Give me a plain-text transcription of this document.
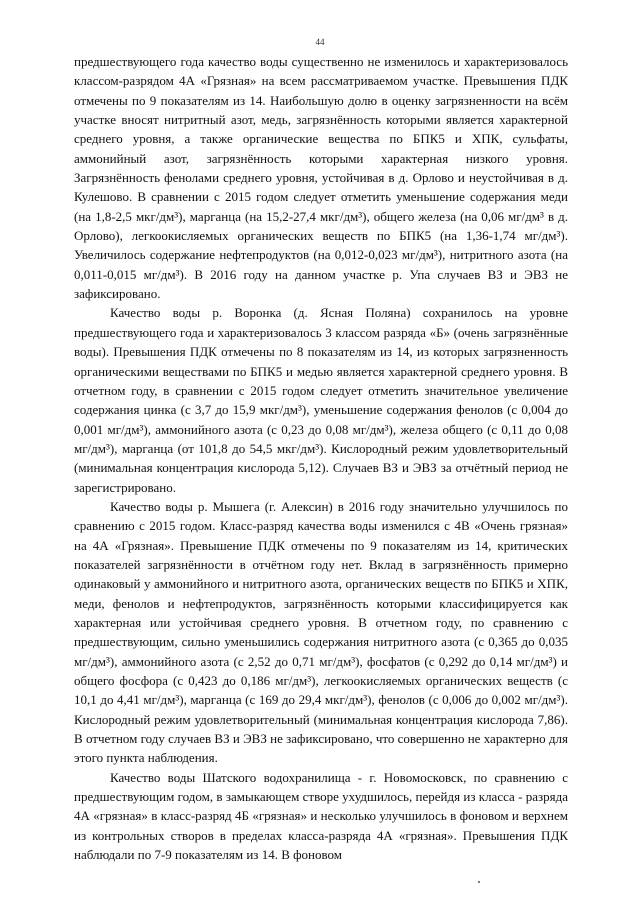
44

предшествующего года качество воды существенно не изменилось и характеризовалось классом-разрядом 4А «Грязная» на всем рассматриваемом участке. Превышения ПДК отмечены по 9 показателям из 14. Наибольшую долю в оценку загрязненности на всём участке вносят нитритный азот, медь, загрязнённость которыми является характерной среднего уровня, а также органические вещества по БПК5 и ХПК, сульфаты, аммонийный азот, загрязнённость которыми характерная низкого уровня. Загрязнённость фенолами среднего уровня, устойчивая в д. Орлово и неустойчивая в д. Кулешово. В сравнении с 2015 годом следует отметить уменьшение содержания меди (на 1,8-2,5 мкг/дм³), марганца (на 15,2-27,4 мкг/дм³), общего железа (на 0,06 мг/дм³ в д. Орлово), легкоокисляемых органических веществ по БПК5 (на 1,36-1,74 мг/дм³). Увеличилось содержание нефтепродуктов (на 0,012-0,023 мг/дм³), нитритного азота (на 0,011-0,015 мг/дм³). В 2016 году на данном участке р. Упа случаев ВЗ и ЭВЗ не зафиксировано.

Качество воды р. Воронка (д. Ясная Поляна) сохранилось на уровне предшествующего года и характеризовалось 3 классом разряда «Б» (очень загрязнённые воды). Превышения ПДК отмечены по 8 показателям из 14, из которых загрязненность органическими веществами по БПК5 и медью является характерной среднего уровня. В отчетном году, в сравнении с 2015 годом следует отметить значительное увеличение содержания цинка (с 3,7 до 15,9 мкг/дм³), уменьшение содержания фенолов (с 0,004 до 0,001 мг/дм³), аммонийного азота (с 0,23 до 0,08 мг/дм³), железа общего (с 0,11 до 0,08 мг/дм³), марганца (от 101,8 до 54,5 мкг/дм³). Кислородный режим удовлетворительный (минимальная концентрация кислорода 5,12). Случаев ВЗ и ЭВЗ за отчётный период не зарегистрировано.

Качество воды р. Мышега (г. Алексин) в 2016 году значительно улучшилось по сравнению с 2015 годом. Класс-разряд качества воды изменился с 4В «Очень грязная» на 4А «Грязная». Превышение ПДК отмечены по 9 показателям из 14, критических показателей загрязнённости в отчётном году нет. Вклад в загрязнённость примерно одинаковый у аммонийного и нитритного азота, органических веществ по БПК5 и ХПК, меди, фенолов и нефтепродуктов, загрязнённость которыми классифицируется как характерная или устойчивая среднего уровня. В отчетном году, по сравнению с предшествующим, сильно уменьшились содержания нитритного азота (с 0,365 до 0,035 мг/дм³), аммонийного азота (с 2,52 до 0,71 мг/дм³), фосфатов (с 0,292 до 0,14 мг/дм³) и общего фосфора (с 0,423 до 0,186 мг/дм³), легкоокисляемых органических веществ (с 10,1 до 4,41 мг/дм³), марганца (с 169 до 29,4 мкг/дм³), фенолов (с 0,006 до 0,002 мг/дм³). Кислородный режим удовлетворительный (минимальная концентрация кислорода 7,86). В отчетном году случаев ВЗ и ЭВЗ не зафиксировано, что совершенно не характерно для этого пункта наблюдения.

Качество воды Шатского водохранилища - г. Новомосковск, по сравнению с предшествующим годом, в замыкающем створе ухудшилось, перейдя из класса - разряда 4А «грязная» в класс-разряд 4Б «грязная» и несколько улучшилось в фоновом и верхнем из контрольных створов в пределах класса-разряда 4А «грязная». Превышения ПДК наблюдали по 7-9 показателям из 14. В фоновом
